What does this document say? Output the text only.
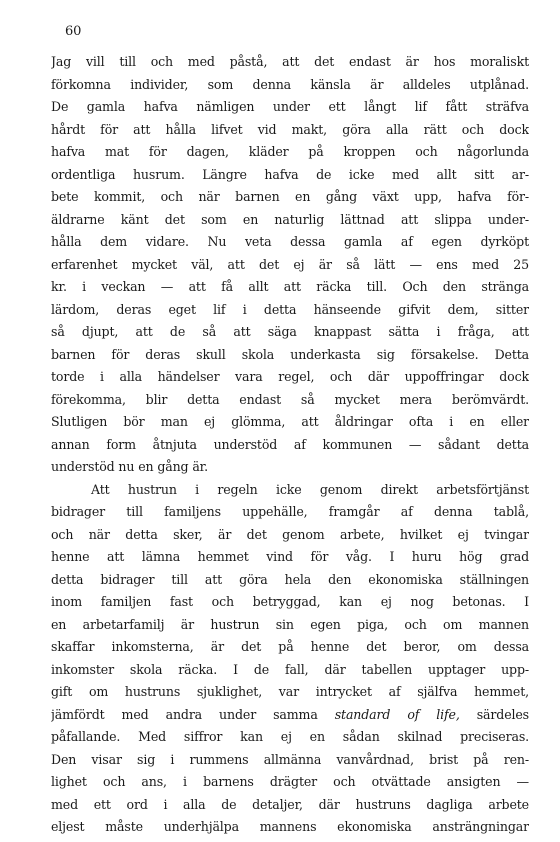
60

Jag vill till och med påstå, att det endast är hos moraliskt
förkomna individer, som denna känsla är alldeles utplånad.
De gamla hafva nämligen under ett långt lif fått sträfva
hårdt för att hålla lifvet vid makt, göra alla rätt och dock
hafva mat för dagen, kläder på kroppen och någorlunda
ordentliga husrum. Längre hafva de icke med allt sitt ar-
bete kommit, och när barnen en gång växt upp, hafva för-
äldrarne känt det som en naturlig lättnad att slippa under-
hålla dem vidare. Nu veta dessa gamla af egen dyrköpt
erfarenhet mycket väl, att det ej är så lätt — ens med 25
kr. i veckan — att få allt att räcka till. Och den stränga
lärdom, deras eget lif i detta hänseende gifvit dem, sitter
så djupt, att de så att säga knappast sätta i fråga, att
barnen för deras skull skola underkasta sig försakelse. Detta
torde i alla händelser vara regel, och där uppoffringar dock
förekomma, blir detta endast så mycket mera berömvärdt.
Slutligen bör man ej glömma, att åldringar ofta i en eller
annan form åtnjuta understöd af kommunen — sådant detta
understöd nu en gång är.
Att hustrun i regeln icke genom direkt arbetsförtjänst
bidrager till familjens uppehälle, framgår af denna tablå,
och när detta sker, är det genom arbete, hvilket ej tvingar
henne att lämna hemmet vind för våg. I huru hög grad
detta bidrager till att göra hela den ekonomiska ställningen
inom familjen fast och betryggad, kan ej nog betonas. I
en arbetarfamilj är hustrun sin egen piga, och om mannen
skaffar inkomsterna, är det på henne det beror, om dessa
inkomster skola räcka. I de fall, där tabellen upptager upp-
gift om hustruns sjuklighet, var intrycket af själfva hemmet,
jämfördt med andra under samma standard of life, särdeles
påfallande. Med siffror kan ej en sådan skilnad preciseras.
Den visar sig i rummens allmänna vanvårdnad, brist på ren-
lighet och ans, i barnens drägter och otvättade ansigten —
med ett ord i alla de detaljer, där hustruns dagliga arbete
eljest måste underhjälpa mannens ekonomiska ansträngningar
